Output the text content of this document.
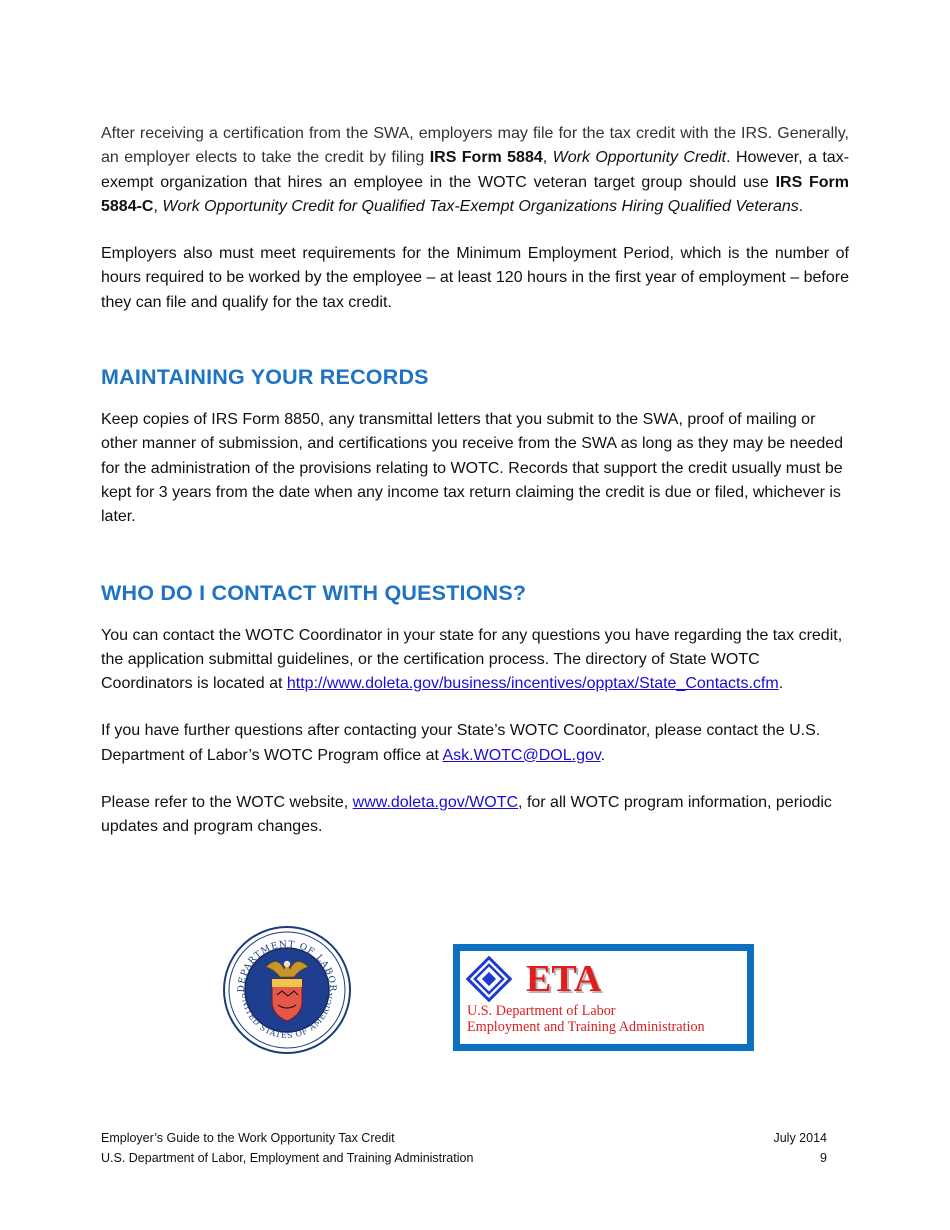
After receiving a certification from the SWA, employers may file for the tax credit with the IRS. Generally, an employer elects to take the credit by filing IRS Form 5884, Work Opportunity Credit. However, a tax-exempt organization that hires an employee in the WOTC veteran target group should use IRS Form 5884-C, Work Opportunity Credit for Qualified Tax-Exempt Organizations Hiring Qualified Veterans.

Employers also must meet requirements for the Minimum Employment Period, which is the number of hours required to be worked by the employee – at least 120 hours in the first year of employment – before they can file and qualify for the tax credit.

MAINTAINING YOUR RECORDS

Keep copies of IRS Form 8850, any transmittal letters that you submit to the SWA, proof of mailing or other manner of submission, and certifications you receive from the SWA as long as they may be needed for the administration of the provisions relating to WOTC. Records that support the credit usually must be kept for 3 years from the date when any income tax return claiming the credit is due or filed, whichever is later.

WHO DO I CONTACT WITH QUESTIONS?

You can contact the WOTC Coordinator in your state for any questions you have regarding the tax credit, the application submittal guidelines, or the certification process. The directory of State WOTC Coordinators is located at http://www.doleta.gov/business/incentives/opptax/State_Contacts.cfm.

If you have further questions after contacting your State’s WOTC Coordinator, please contact the U.S. Department of Labor’s WOTC Program office at Ask.WOTC@DOL.gov.

Please refer to the WOTC website, www.doleta.gov/WOTC, for all WOTC program information, periodic updates and program changes.

DEPARTMENT OF LABOR
UNITED STATES OF AMERICA	ETA
U.S. Department of Labor
Employment and Training Administration
Employer’s Guide to the Work Opportunity Tax Credit	July 2014
U.S. Department of Labor, Employment and Training Administration	9
